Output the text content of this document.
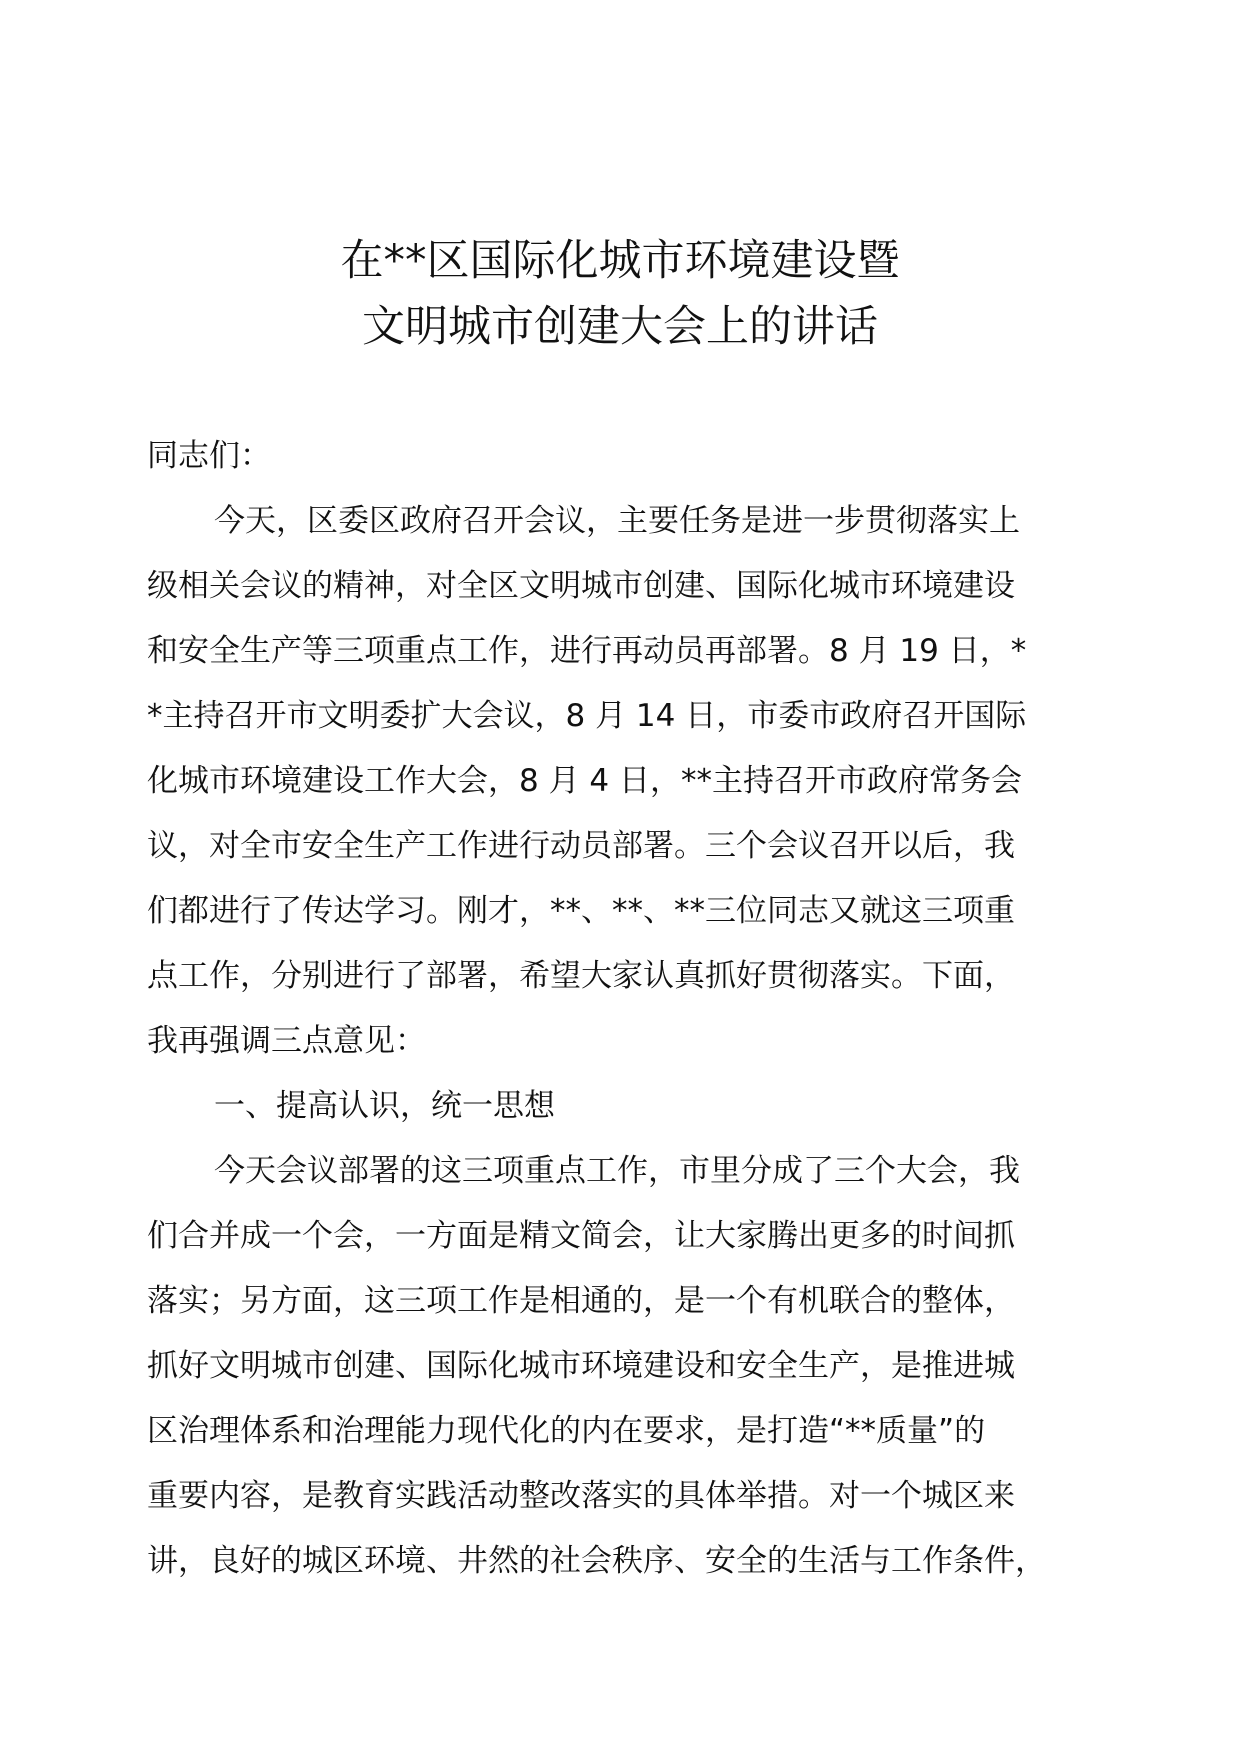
在**区国际化城市环境建设暨
文明城市创建大会上的讲话
同志们：
今天，区委区政府召开会议，主要任务是进一步贯彻落实上
级相关会议的精神，对全区文明城市创建、国际化城市环境建设
和安全生产等三项重点工作，进行再动员再部署。8 月 19 日，*
*主持召开市文明委扩大会议，8 月 14 日，市委市政府召开国际
化城市环境建设工作大会，8 月 4 日，**主持召开市政府常务会
议，对全市安全生产工作进行动员部署。三个会议召开以后，我
们都进行了传达学习。刚才，**、**、**三位同志又就这三项重
点工作，分别进行了部署，希望大家认真抓好贯彻落实。下面，
我再强调三点意见：
一、提高认识，统一思想
今天会议部署的这三项重点工作，市里分成了三个大会，我
们合并成一个会，一方面是精文简会，让大家腾出更多的时间抓
落实；另方面，这三项工作是相通的，是一个有机联合的整体，
抓好文明城市创建、国际化城市环境建设和安全生产，是推进城
区治理体系和治理能力现代化的内在要求，是打造“**质量”的
重要内容，是教育实践活动整改落实的具体举措。对一个城区来
讲，良好的城区环境、井然的社会秩序、安全的生活与工作条件，
